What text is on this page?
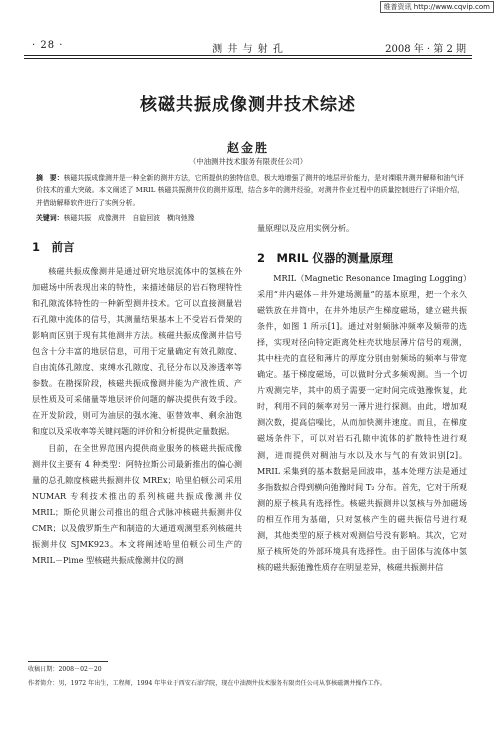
维普资讯 http://www.cqvip.com
· 28 ·	测 井 与 射 孔	2008 年 · 第 2 期
核磁共振成像测井技术综述
赵金胜
（中油测井技术服务有限责任公司）
摘　要：核磁共振成像测井是一种全新的测井方法，它所提供的独特信息，极大地增强了测井的地层评价能力，是对裸眼井测井解释和油气评价技术的重大突破。本文阐述了 MRIL 核磁共振测井仪的测井原理，结合多年的测井经验，对测井作业过程中的质量控制进行了详细介绍，并借助解释软件进行了实例分析。
关键词：核磁共振　成像测井　自旋回波　横向弛豫
1　前言

核磁共振成像测井是通过研究地层流体中的氢核在外加磁场中所表现出来的特性，来描述储层的岩石物理特性和孔隙流体特性的一种新型测井技术。它可以直接测量岩石孔隙中流体的信号，其测量结果基本上不受岩石骨架的影响而区别于现有其他测井方法。核磁共振成像测井信号包含十分丰富的地层信息，可用于定量确定有效孔隙度、自由流体孔隙度、束缚水孔隙度、孔径分布以及渗透率等参数。在勘探阶段，核磁共振成像测井能为产液性质、产层性质及可采储量等地层评价问题的解决提供有效手段。在开发阶段，则可为油层的强水淹、驱替效率、剩余油饱和度以及采收率等关键问题的评价和分析提供定量数据。

目前，在全世界范围内提供商业服务的核磁共振成像测井仪主要有 4 种类型：阿特拉斯公司最新推出的偏心测量的总孔隙度核磁共振测井仪 MREx；哈里伯顿公司采用 NUMAR 专利技术推出的系列核磁共振成像测井仪 MRIL；斯伦贝谢公司推出的组合式脉冲核磁共振测井仪 CMR；以及俄罗斯生产和制造的大通道观测型系列核磁共振测井仪 SJMK923。本文将阐述哈里伯顿公司生产的 MRIL－Pime 型核磁共振成像测井仪的测

量原理以及应用实例分析。

2　MRIL 仪器的测量原理

MRIL（Magnetic Resonance Imaging Logging）采用“井内磁体－井外建场测量”的基本原理，把一个永久磁铁放在井筒中，在井外地层产生梯度磁场，建立磁共振条件，如图 1 所示[1]。通过对射频脉冲频率及频带的选择，实现对径向特定距离处柱壳状地层薄片信号的观测，其中柱壳的直径和薄片的厚度分别由射频场的频率与带宽确定。基于梯度磁场，可以做时分式多频观测。当一个切片观测完毕，其中的质子需要一定时间完成弛豫恢复，此时，利用不同的频率对另一薄片进行探测。由此，增加观测次数，提高信噪比，从而加快测井速度。而且，在梯度磁场条件下，可以对岩石孔隙中流体的扩散特性进行观测，进而提供对稠油与水以及水与气的有效识别[2]。MRIL 采集到的基本数据是回波串，基本处理方法是通过多指数拟合得到横向弛豫时间 T₂ 分布。首先，它对于所观测的原子核具有选择性。核磁共振测井以氢核与外加磁场的相互作用为基础，只对氢核产生的磁共振信号进行观测，其他类型的原子核对观测信号没有影响。其次，它对原子核所处的外部环境具有选择性。由于固体与流体中氢核的磁共振弛豫性质存在明显差异，核磁共振测井信

收稿日期：2008－02－20
作者简介：男，1972 年出生，工程师，1994 年毕业于西安石油学院，现在中油测井技术服务有限责任公司从事核磁测井操作工作。
